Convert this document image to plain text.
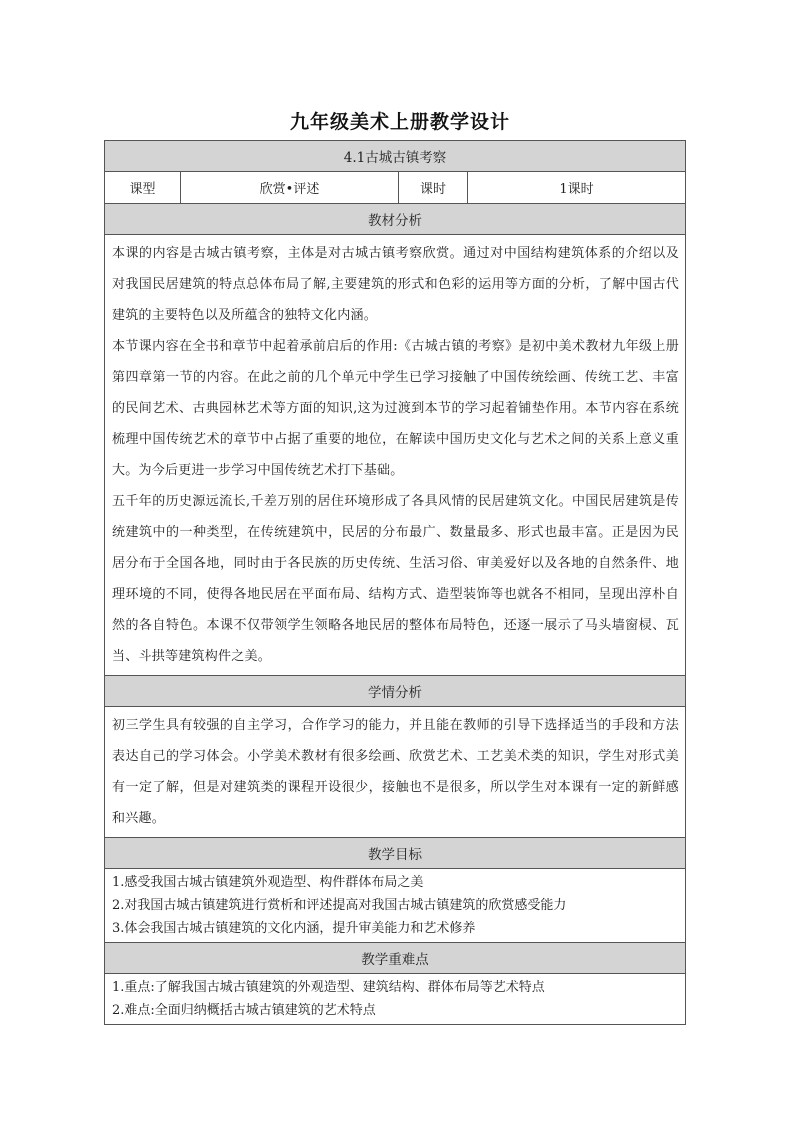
九年级美术上册教学设计
4.1古城古镇考察
课型	欣赏•评述	课时	1课时
教材分析

本课的内容是古城古镇考察，主体是对古城古镇考察欣赏。通过对中国结构建筑体系的介绍以及对我国民居建筑的特点总体布局了解,主要建筑的形式和色彩的运用等方面的分析，了解中国古代建筑的主要特色以及所蕴含的独特文化内涵。

本节课内容在全书和章节中起着承前启后的作用:《古城古镇的考察》是初中美术教材九年级上册第四章第一节的内容。在此之前的几个单元中学生已学习接触了中国传统绘画、传统工艺、丰富的民间艺术、古典园林艺术等方面的知识,这为过渡到本节的学习起着铺垫作用。本节内容在系统梳理中国传统艺术的章节中占据了重要的地位，在解读中国历史文化与艺术之间的关系上意义重大。为今后更进一步学习中国传统艺术打下基础。

五千年的历史源远流长,千差万别的居住环境形成了各具风情的民居建筑文化。中国民居建筑是传统建筑中的一种类型，在传统建筑中，民居的分布最广、数量最多、形式也最丰富。正是因为民居分布于全国各地，同时由于各民族的历史传统、生活习俗、审美爱好以及各地的自然条件、地理环境的不同，使得各地民居在平面布局、结构方式、造型装饰等也就各不相同，呈现出淳朴自然的各自特色。本课不仅带领学生领略各地民居的整体布局特色，还逐一展示了马头墙窗棂、瓦当、斗拱等建筑构件之美。

学情分析

初三学生具有较强的自主学习，合作学习的能力，并且能在教师的引导下选择适当的手段和方法表达自己的学习体会。小学美术教材有很多绘画、欣赏艺术、工艺美术类的知识，学生对形式美有一定了解，但是对建筑类的课程开设很少，接触也不是很多，所以学生对本课有一定的新鲜感和兴趣。

教学目标

1.感受我国古城古镇建筑外观造型、构件群体布局之美
2.对我国古城古镇建筑进行赏析和评述提高对我国古城古镇建筑的欣赏感受能力
3.体会我国古城古镇建筑的文化内涵，提升审美能力和艺术修养

教学重难点

1.重点:了解我国古城古镇建筑的外观造型、建筑结构、群体布局等艺术特点
2.难点:全面归纳概括古城古镇建筑的艺术特点
